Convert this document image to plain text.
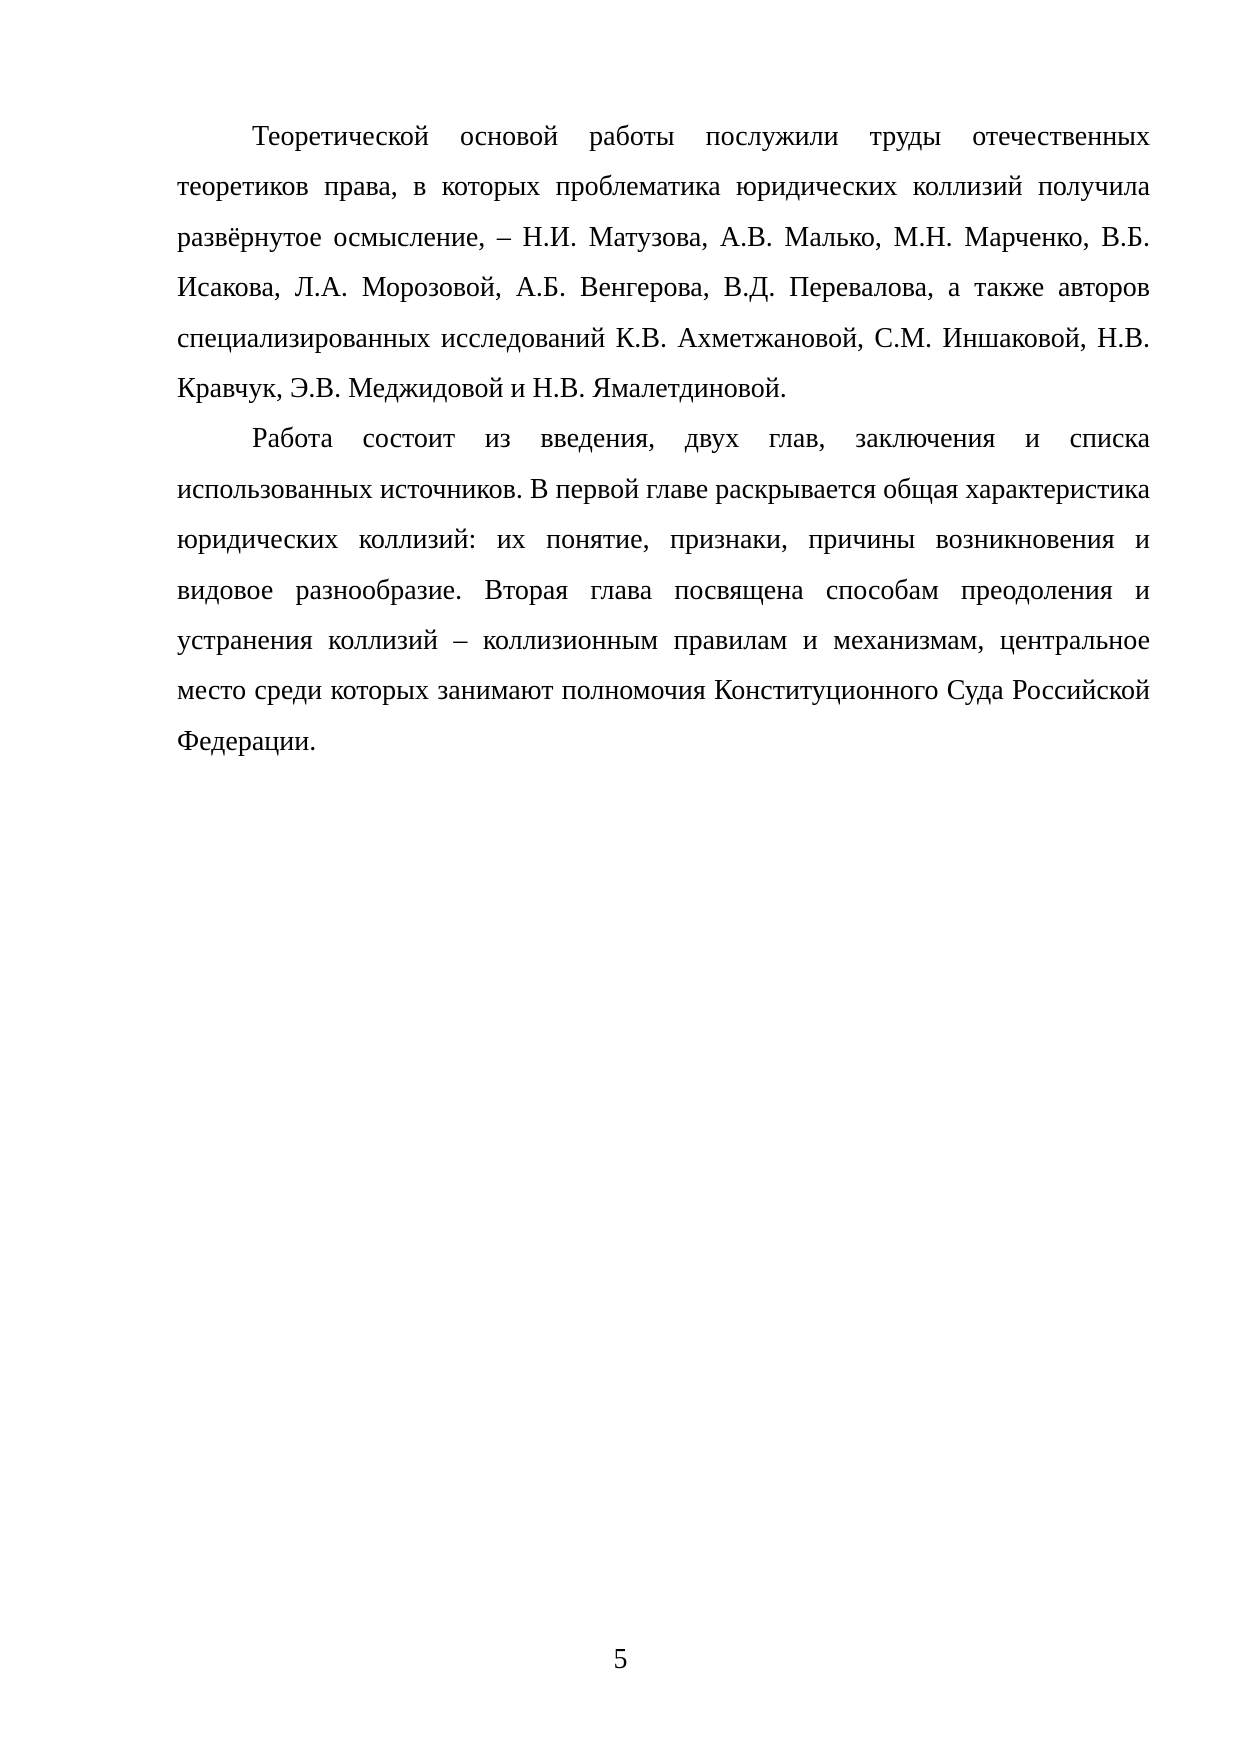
Теоретической основой работы послужили труды отечественных теоретиков права, в которых проблематика юридических коллизий получила развёрнутое осмысление, – Н.И. Матузова, А.В. Малько, М.Н. Марченко, В.Б. Исакова, Л.А. Морозовой, А.Б. Венгерова, В.Д. Перевалова, а также авторов специализированных исследований К.В. Ахметжановой, С.М. Иншаковой, Н.В. Кравчук, Э.В. Меджидовой и Н.В. Ямалетдиновой.

Работа состоит из введения, двух глав, заключения и списка использованных источников. В первой главе раскрывается общая характеристика юридических коллизий: их понятие, признаки, причины возникновения и видовое разнообразие. Вторая глава посвящена способам преодоления и устранения коллизий – коллизионным правилам и механизмам, центральное место среди которых занимают полномочия Конституционного Суда Российской Федерации.

5
